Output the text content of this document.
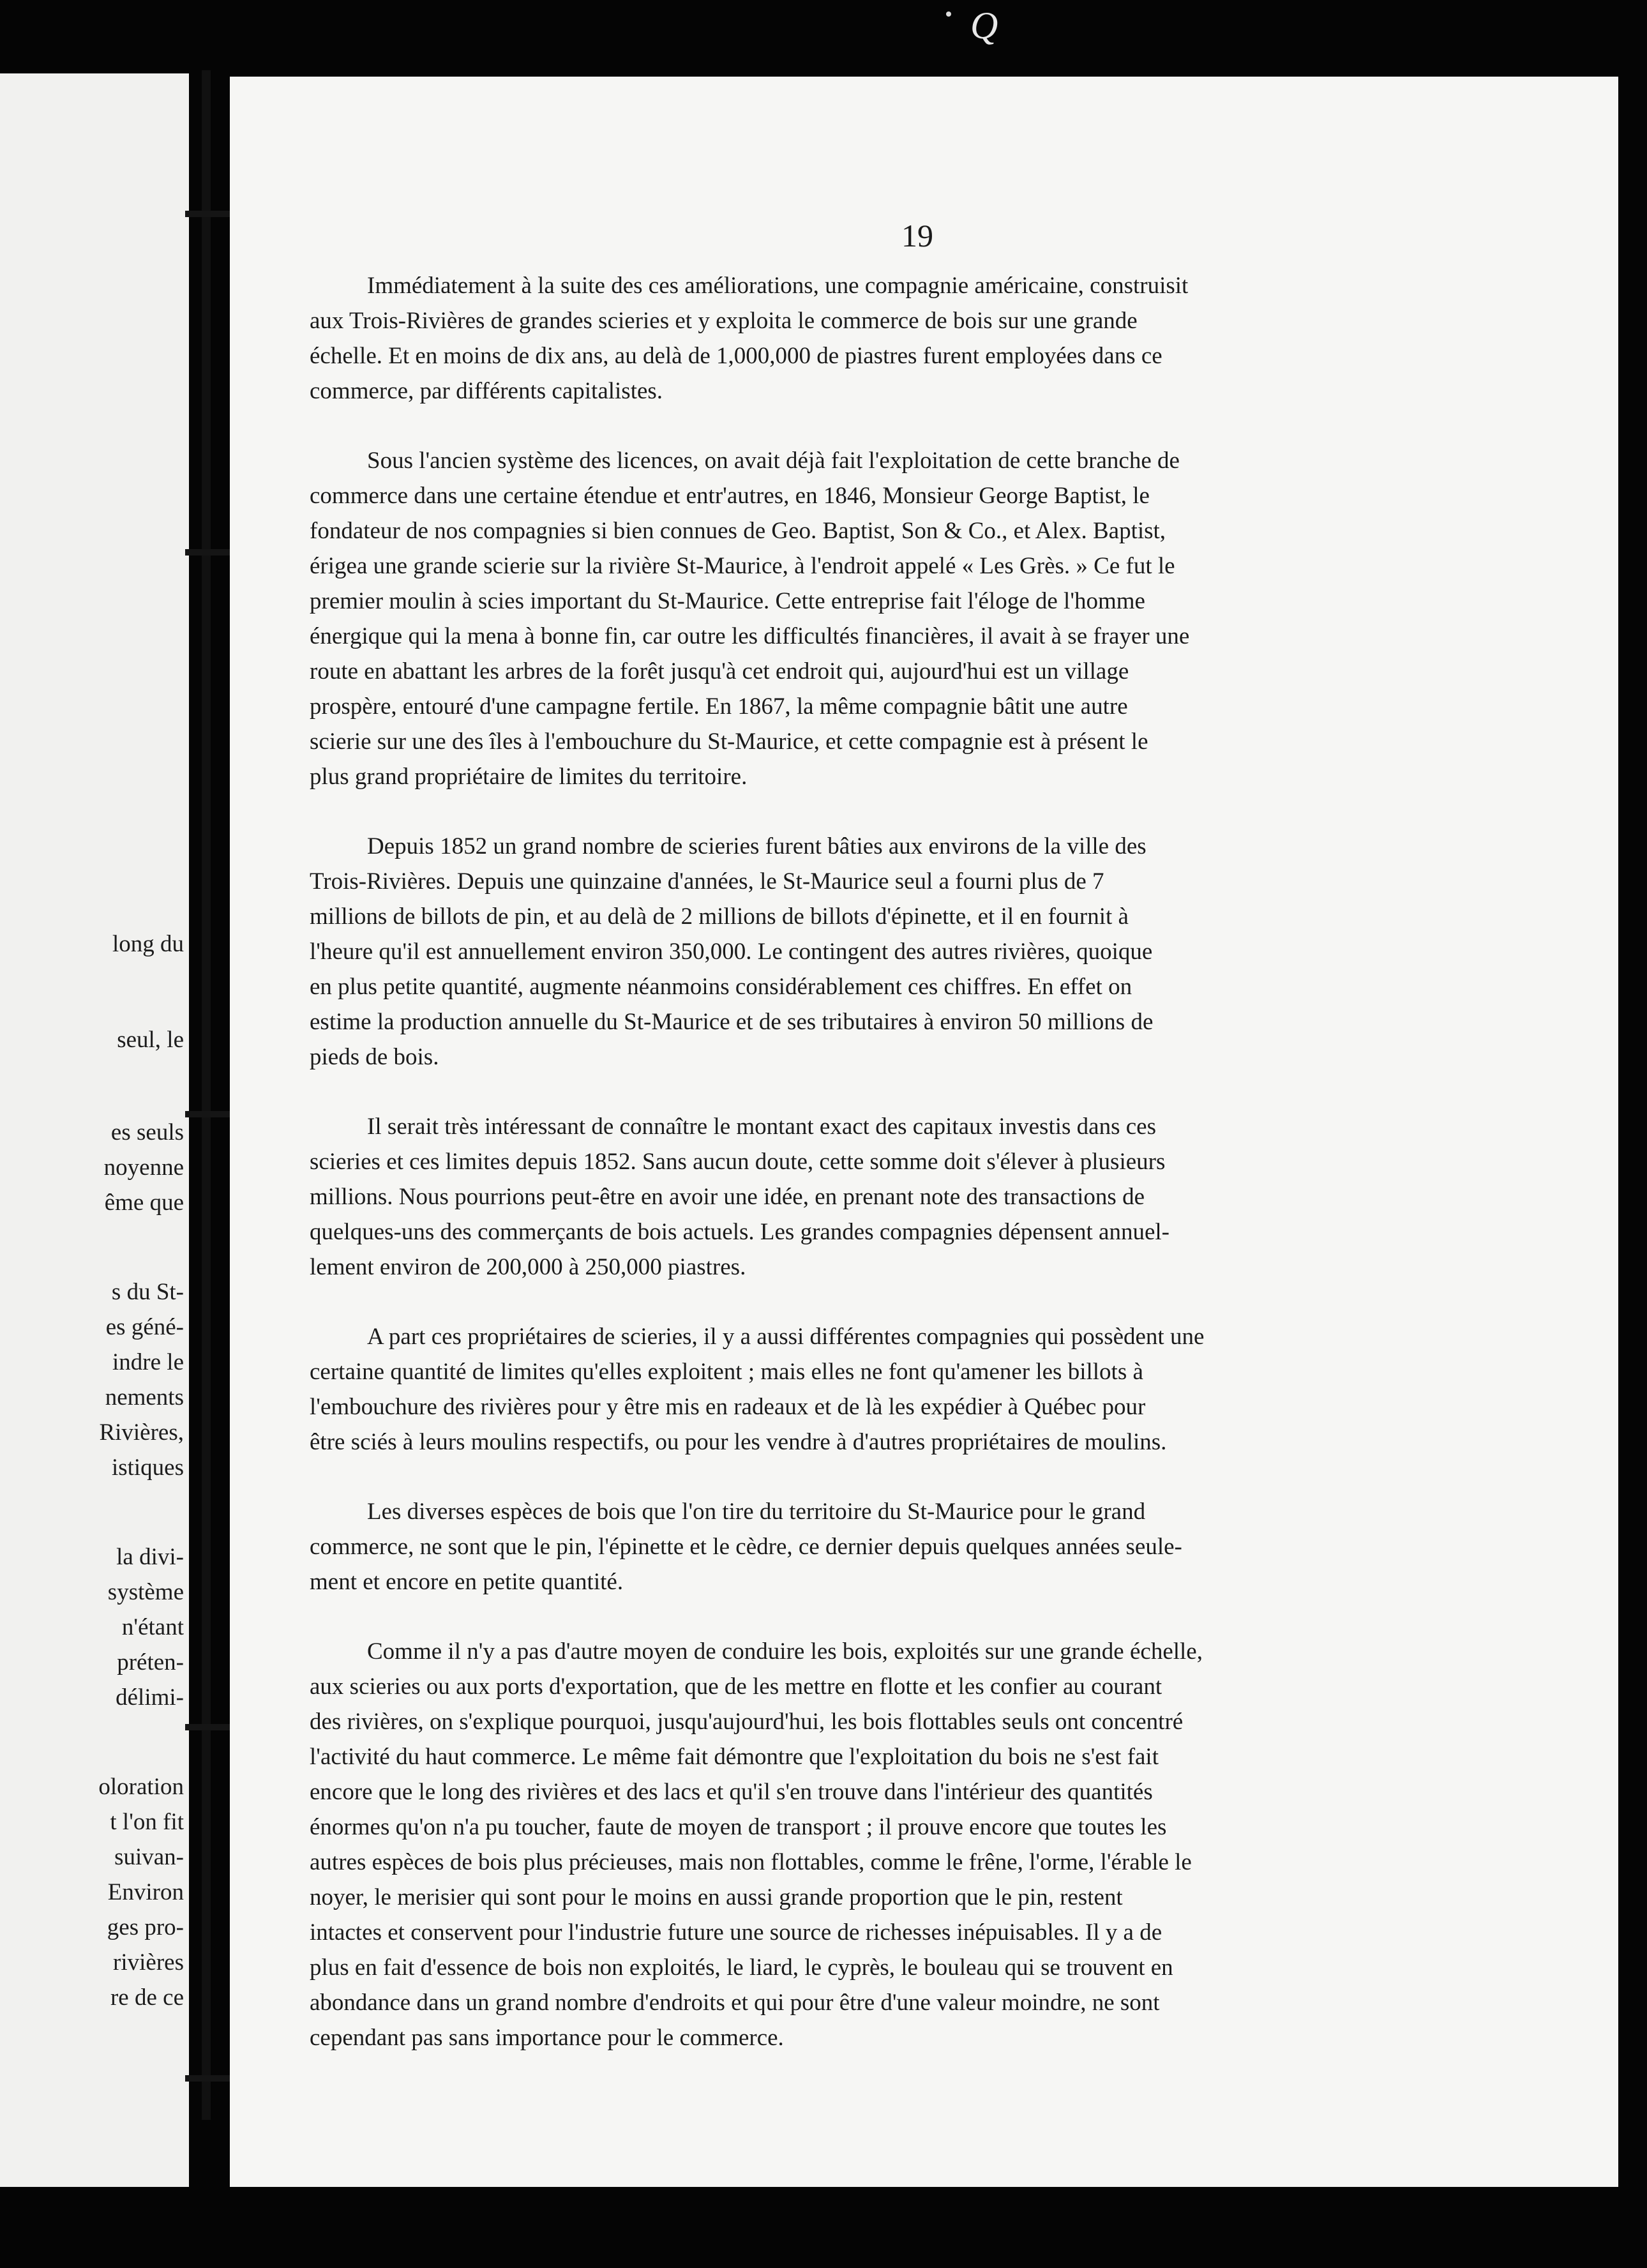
Q
long du
seul, le
es seuls
noyenne
ême que
s du St-
es géné-
indre le
nements
Rivières,
istiques
la divi-
système
n'étant
préten-
délimi-
oloration
t l'on fit
suivan-
Environ
ges pro-
rivières
re de ce
19
Immédiatement à la suite des ces améliorations, une compagnie américaine, construisit
aux Trois-Rivières de grandes scieries et y exploita le commerce de bois sur une grande
échelle. Et en moins de dix ans, au delà de 1,000,000 de piastres furent employées dans ce
commerce, par différents capitalistes.
Sous l'ancien système des licences, on avait déjà fait l'exploitation de cette branche de
commerce dans une certaine étendue et entr'autres, en 1846, Monsieur George Baptist, le
fondateur de nos compagnies si bien connues de Geo. Baptist, Son & Co., et Alex. Baptist,
érigea une grande scierie sur la rivière St-Maurice, à l'endroit appelé « Les Grès. » Ce fut le
premier moulin à scies important du St-Maurice. Cette entreprise fait l'éloge de l'homme
énergique qui la mena à bonne fin, car outre les difficultés financières, il avait à se frayer une
route en abattant les arbres de la forêt jusqu'à cet endroit qui, aujourd'hui est un village
prospère, entouré d'une campagne fertile. En 1867, la même compagnie bâtit une autre
scierie sur une des îles à l'embouchure du St-Maurice, et cette compagnie est à présent le
plus grand propriétaire de limites du territoire.
Depuis 1852 un grand nombre de scieries furent bâties aux environs de la ville des
Trois-Rivières. Depuis une quinzaine d'années, le St-Maurice seul a fourni plus de 7
millions de billots de pin, et au delà de 2 millions de billots d'épinette, et il en fournit à
l'heure qu'il est annuellement environ 350,000. Le contingent des autres rivières, quoique
en plus petite quantité, augmente néanmoins considérablement ces chiffres. En effet on
estime la production annuelle du St-Maurice et de ses tributaires à environ 50 millions de
pieds de bois.
Il serait très intéressant de connaître le montant exact des capitaux investis dans ces
scieries et ces limites depuis 1852. Sans aucun doute, cette somme doit s'élever à plusieurs
millions. Nous pourrions peut-être en avoir une idée, en prenant note des transactions de
quelques-uns des commerçants de bois actuels. Les grandes compagnies dépensent annuel-
lement environ de 200,000 à 250,000 piastres.
A part ces propriétaires de scieries, il y a aussi différentes compagnies qui possèdent une
certaine quantité de limites qu'elles exploitent ; mais elles ne font qu'amener les billots à
l'embouchure des rivières pour y être mis en radeaux et de là les expédier à Québec pour
être sciés à leurs moulins respectifs, ou pour les vendre à d'autres propriétaires de moulins.
Les diverses espèces de bois que l'on tire du territoire du St-Maurice pour le grand
commerce, ne sont que le pin, l'épinette et le cèdre, ce dernier depuis quelques années seule-
ment et encore en petite quantité.
Comme il n'y a pas d'autre moyen de conduire les bois, exploités sur une grande échelle,
aux scieries ou aux ports d'exportation, que de les mettre en flotte et les confier au courant
des rivières, on s'explique pourquoi, jusqu'aujourd'hui, les bois flottables seuls ont concentré
l'activité du haut commerce. Le même fait démontre que l'exploitation du bois ne s'est fait
encore que le long des rivières et des lacs et qu'il s'en trouve dans l'intérieur des quantités
énormes qu'on n'a pu toucher, faute de moyen de transport ; il prouve encore que toutes les
autres espèces de bois plus précieuses, mais non flottables, comme le frêne, l'orme, l'érable le
noyer, le merisier qui sont pour le moins en aussi grande proportion que le pin, restent
intactes et conservent pour l'industrie future une source de richesses inépuisables. Il y a de
plus en fait d'essence de bois non exploités, le liard, le cyprès, le bouleau qui se trouvent en
abondance dans un grand nombre d'endroits et qui pour être d'une valeur moindre, ne sont
cependant pas sans importance pour le commerce.
